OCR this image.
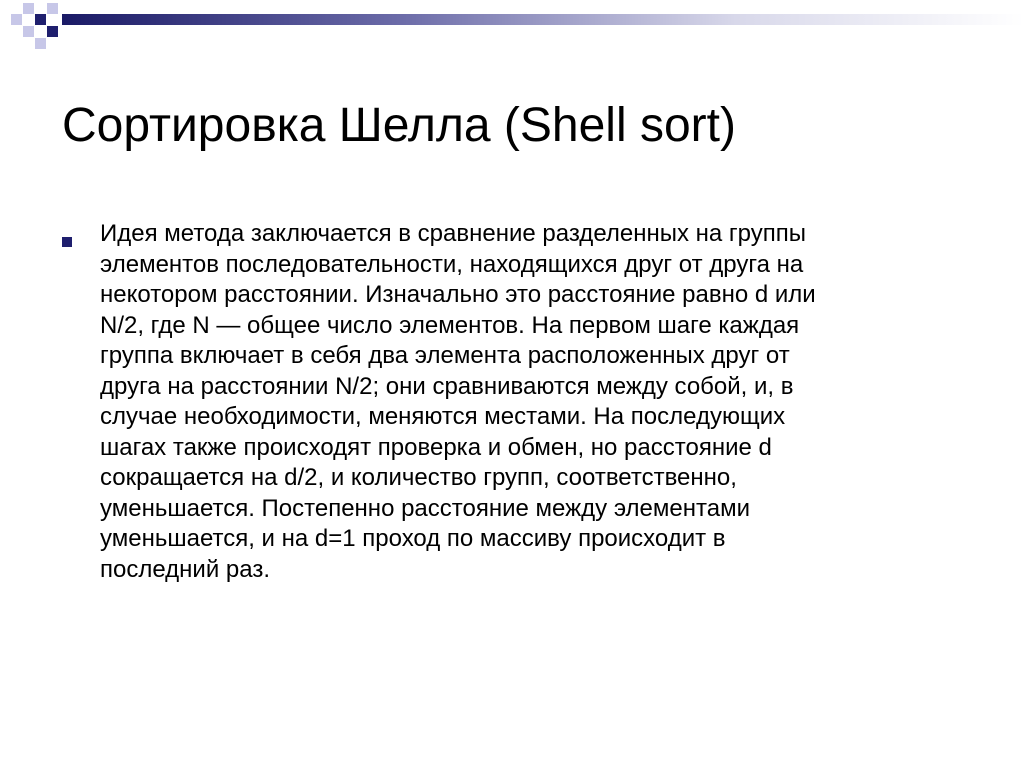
Сортировка Шелла (Shell sort)
Идея метода заключается в сравнение разделенных на группы
элементов последовательности, находящихся друг от друга на
некотором расстоянии. Изначально это расстояние равно d или
N/2, где N — общее число элементов. На первом шаге каждая
группа включает в себя два элемента расположенных друг от
друга на расстоянии N/2; они сравниваются между собой, и, в
случае необходимости, меняются местами. На последующих
шагах также происходят проверка и обмен, но расстояние d
сокращается на d/2, и количество групп, соответственно,
уменьшается. Постепенно расстояние между элементами
уменьшается, и на d=1 проход по массиву происходит в
последний раз.
